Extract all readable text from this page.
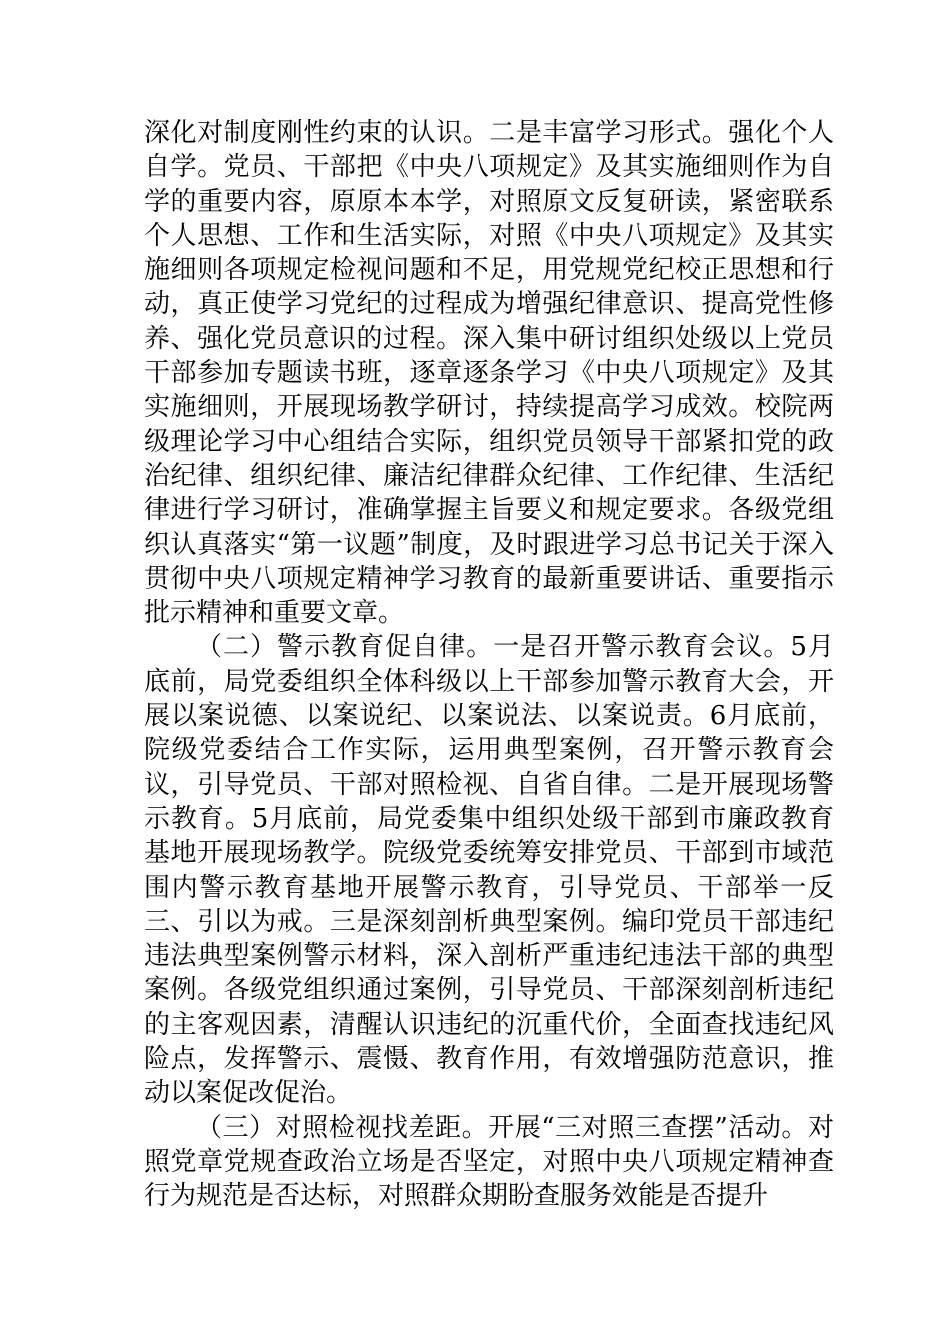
深化对制度刚性约束的认识。二是丰富学习形式。强化个人自学。党员、干部把《中央八项规定》及其实施细则作为自学的重要内容，原原本本学，对照原文反复研读，紧密联系个人思想、工作和生活实际，对照《中央八项规定》及其实施细则各项规定检视问题和不足，用党规党纪校正思想和行动，真正使学习党纪的过程成为增强纪律意识、提高党性修养、强化党员意识的过程。深入集中研讨组织处级以上党员干部参加专题读书班，逐章逐条学习《中央八项规定》及其实施细则，开展现场教学研讨，持续提高学习成效。校院两级理论学习中心组结合实际，组织党员领导干部紧扣党的政治纪律、组织纪律、廉洁纪律群众纪律、工作纪律、生活纪律进行学习研讨，准确掌握主旨要义和规定要求。各级党组织认真落实“第一议题”制度，及时跟进学习总书记关于深入贯彻中央八项规定精神学习教育的最新重要讲话、重要指示批示精神和重要文章。

（二）警示教育促自律。一是召开警示教育会议。5月底前，局党委组织全体科级以上干部参加警示教育大会，开展以案说德、以案说纪、以案说法、以案说责。6月底前，院级党委结合工作实际，运用典型案例，召开警示教育会议，引导党员、干部对照检视、自省自律。二是开展现场警示教育。5月底前，局党委集中组织处级干部到市廉政教育基地开展现场教学。院级党委统筹安排党员、干部到市域范围内警示教育基地开展警示教育，引导党员、干部举一反三、引以为戒。三是深刻剖析典型案例。编印党员干部违纪违法典型案例警示材料，深入剖析严重违纪违法干部的典型案例。各级党组织通过案例，引导党员、干部深刻剖析违纪的主客观因素，清醒认识违纪的沉重代价，全面查找违纪风险点，发挥警示、震慑、教育作用，有效增强防范意识，推动以案促改促治。

（三）对照检视找差距。开展“三对照三查摆”活动。对照党章党规查政治立场是否坚定，对照中央八项规定精神查行为规范是否达标，对照群众期盼查服务效能是否提升
